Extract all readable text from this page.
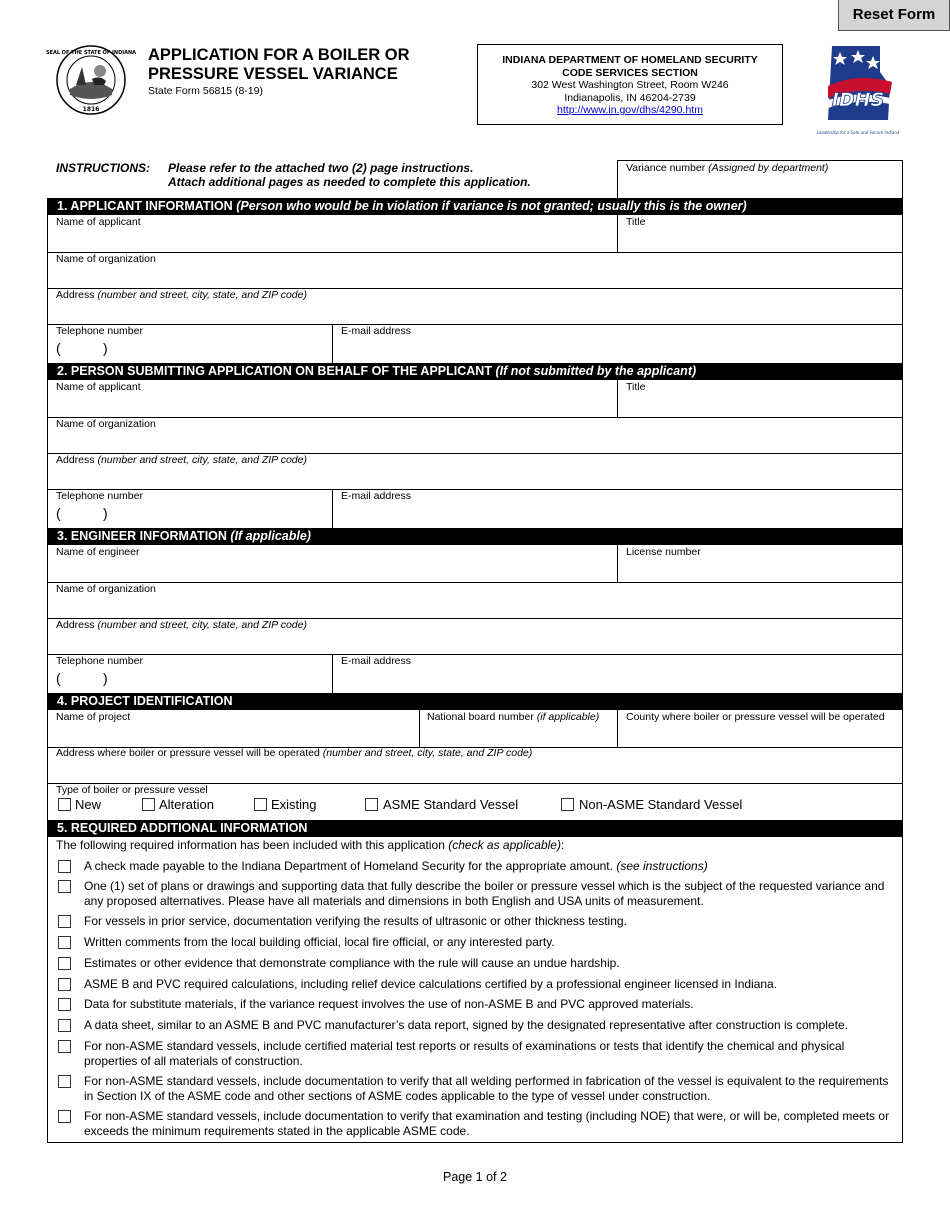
Reset Form
SEAL OF THE STATE OF INDIANA
1816
APPLICATION FOR A BOILER OR
PRESSURE VESSEL VARIANCE
State Form 56815 (8-19)
INDIANA DEPARTMENT OF HOMELAND SECURITY
CODE SERVICES SECTION
302 West Washington Street, Room W246
Indianapolis, IN 46204-2739
http://www.in.gov/dhs/4290.htm	IDHS
Leadership for a Safe and Secure Indiana
INSTRUCTIONS: Please refer to the attached two (2) page instructions.
Attach additional pages as needed to complete this application.
Variance number (Assigned by department)
1. APPLICANT INFORMATION (Person who would be in violation if variance is not granted; usually this is the owner)
Name of applicant	Title
Name of organization
Address (number and street, city, state, and ZIP code)
Telephone number
(	)
E-mail address
2. PERSON SUBMITTING APPLICATION ON BEHALF OF THE APPLICANT (If not submitted by the applicant)
Name of applicant	Title
Name of organization
Address (number and street, city, state, and ZIP code)
Telephone number
(	)
E-mail address
3. ENGINEER INFORMATION (If applicable)
Name of engineer	License number
Name of organization
Address (number and street, city, state, and ZIP code)
Telephone number
(	)
E-mail address
4. PROJECT IDENTIFICATION
Name of project	National board number (if applicable)	County where boiler or pressure vessel will be operated
Address where boiler or pressure vessel will be operated (number and street, city, state, and ZIP code)
Type of boiler or pressure vessel
New	Alteration	Existing	ASME Standard Vessel	Non-ASME Standard Vessel
5. REQUIRED ADDITIONAL INFORMATION
The following required information has been included with this application (check as applicable):
A check made payable to the Indiana Department of Homeland Security for the appropriate amount. (see instructions)
One (1) set of plans or drawings and supporting data that fully describe the boiler or pressure vessel which is the subject of the requested variance and any proposed alternatives. Please have all materials and dimensions in both English and USA units of measurement.
For vessels in prior service, documentation verifying the results of ultrasonic or other thickness testing.
Written comments from the local building official, local fire official, or any interested party.
Estimates or other evidence that demonstrate compliance with the rule will cause an undue hardship.
ASME B and PVC required calculations, including relief device calculations certified by a professional engineer licensed in Indiana.
Data for substitute materials, if the variance request involves the use of non-ASME B and PVC approved materials.
A data sheet, similar to an ASME B and PVC manufacturer’s data report, signed by the designated representative after construction is complete.
For non-ASME standard vessels, include certified material test reports or results of examinations or tests that identify the chemical and physical properties of all materials of construction.
For non-ASME standard vessels, include documentation to verify that all welding performed in fabrication of the vessel is equivalent to the requirements in Section IX of the ASME code and other sections of ASME codes applicable to the type of vessel under construction.
For non-ASME standard vessels, include documentation to verify that examination and testing (including NOE) that were, or will be, completed meets or exceeds the minimum requirements stated in the applicable ASME code.
Page 1 of 2
